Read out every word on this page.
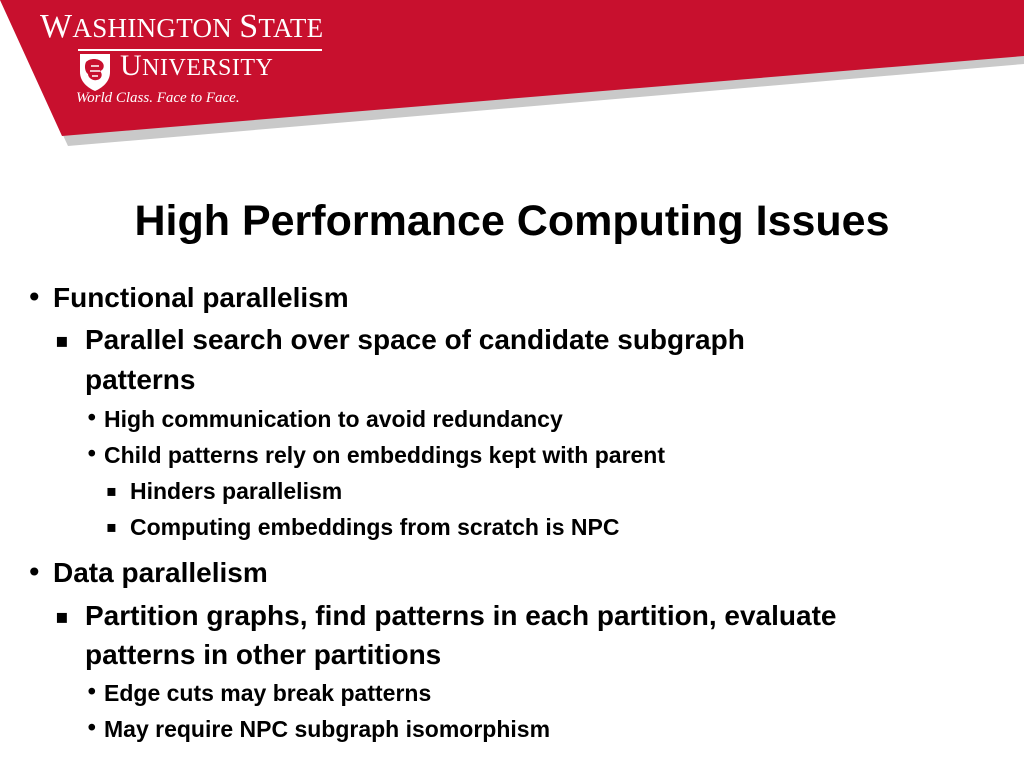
WASHINGTON STATE
UNIVERSITY
World Class. Face to Face.
High Performance Computing Issues
• Functional parallelism
▪ Parallel search over space of candidate subgraph
patterns
• High communication to avoid redundancy
• Child patterns rely on embeddings kept with parent
▪ Hinders parallelism
▪ Computing embeddings from scratch is NPC
• Data parallelism
▪ Partition graphs, find patterns in each partition, evaluate
patterns in other partitions
• Edge cuts may break patterns
• May require NPC subgraph isomorphism
